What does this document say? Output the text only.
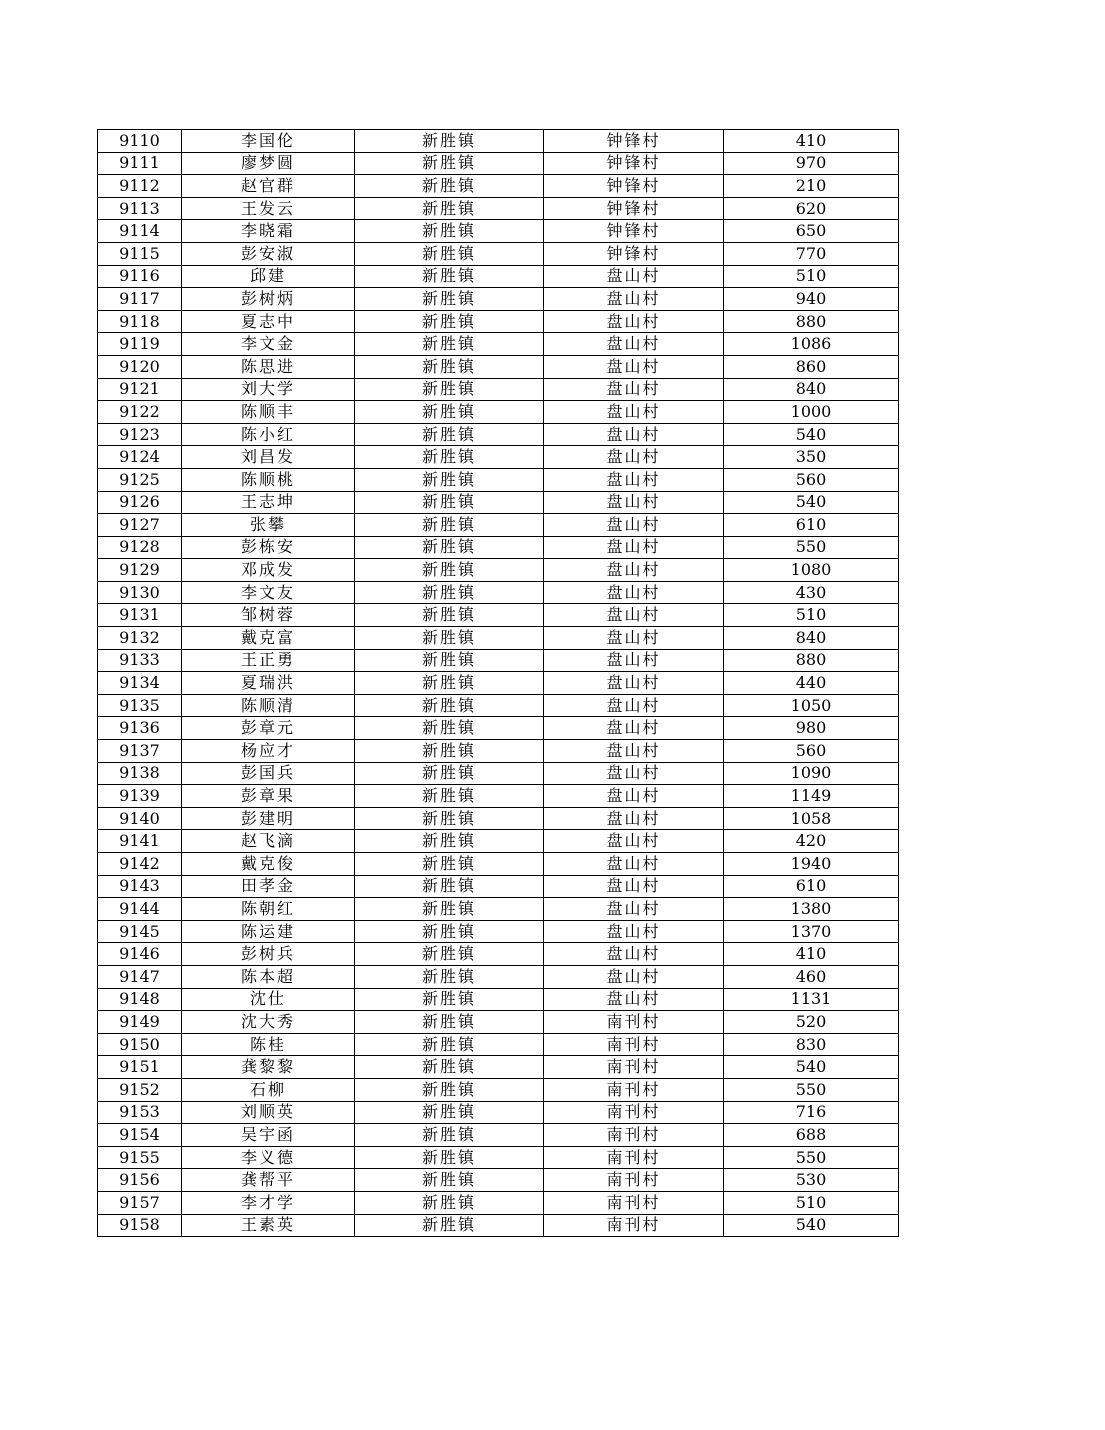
9110	李国伦	新胜镇	钟锋村	410
9111	廖梦圆	新胜镇	钟锋村	970
9112	赵官群	新胜镇	钟锋村	210
9113	王发云	新胜镇	钟锋村	620
9114	李晓霜	新胜镇	钟锋村	650
9115	彭安淑	新胜镇	钟锋村	770
9116	邱建	新胜镇	盘山村	510
9117	彭树炳	新胜镇	盘山村	940
9118	夏志中	新胜镇	盘山村	880
9119	李文金	新胜镇	盘山村	1086
9120	陈思进	新胜镇	盘山村	860
9121	刘大学	新胜镇	盘山村	840
9122	陈顺丰	新胜镇	盘山村	1000
9123	陈小红	新胜镇	盘山村	540
9124	刘昌发	新胜镇	盘山村	350
9125	陈顺桃	新胜镇	盘山村	560
9126	王志坤	新胜镇	盘山村	540
9127	张攀	新胜镇	盘山村	610
9128	彭栋安	新胜镇	盘山村	550
9129	邓成发	新胜镇	盘山村	1080
9130	李文友	新胜镇	盘山村	430
9131	邹树蓉	新胜镇	盘山村	510
9132	戴克富	新胜镇	盘山村	840
9133	王正勇	新胜镇	盘山村	880
9134	夏瑞洪	新胜镇	盘山村	440
9135	陈顺清	新胜镇	盘山村	1050
9136	彭章元	新胜镇	盘山村	980
9137	杨应才	新胜镇	盘山村	560
9138	彭国兵	新胜镇	盘山村	1090
9139	彭章果	新胜镇	盘山村	1149
9140	彭建明	新胜镇	盘山村	1058
9141	赵飞滴	新胜镇	盘山村	420
9142	戴克俊	新胜镇	盘山村	1940
9143	田孝金	新胜镇	盘山村	610
9144	陈朝红	新胜镇	盘山村	1380
9145	陈运建	新胜镇	盘山村	1370
9146	彭树兵	新胜镇	盘山村	410
9147	陈本超	新胜镇	盘山村	460
9148	沈仕	新胜镇	盘山村	1131
9149	沈大秀	新胜镇	南刊村	520
9150	陈桂	新胜镇	南刊村	830
9151	龚黎黎	新胜镇	南刊村	540
9152	石柳	新胜镇	南刊村	550
9153	刘顺英	新胜镇	南刊村	716
9154	吴宇函	新胜镇	南刊村	688
9155	李义德	新胜镇	南刊村	550
9156	龚帮平	新胜镇	南刊村	530
9157	李才学	新胜镇	南刊村	510
9158	王素英	新胜镇	南刊村	540
